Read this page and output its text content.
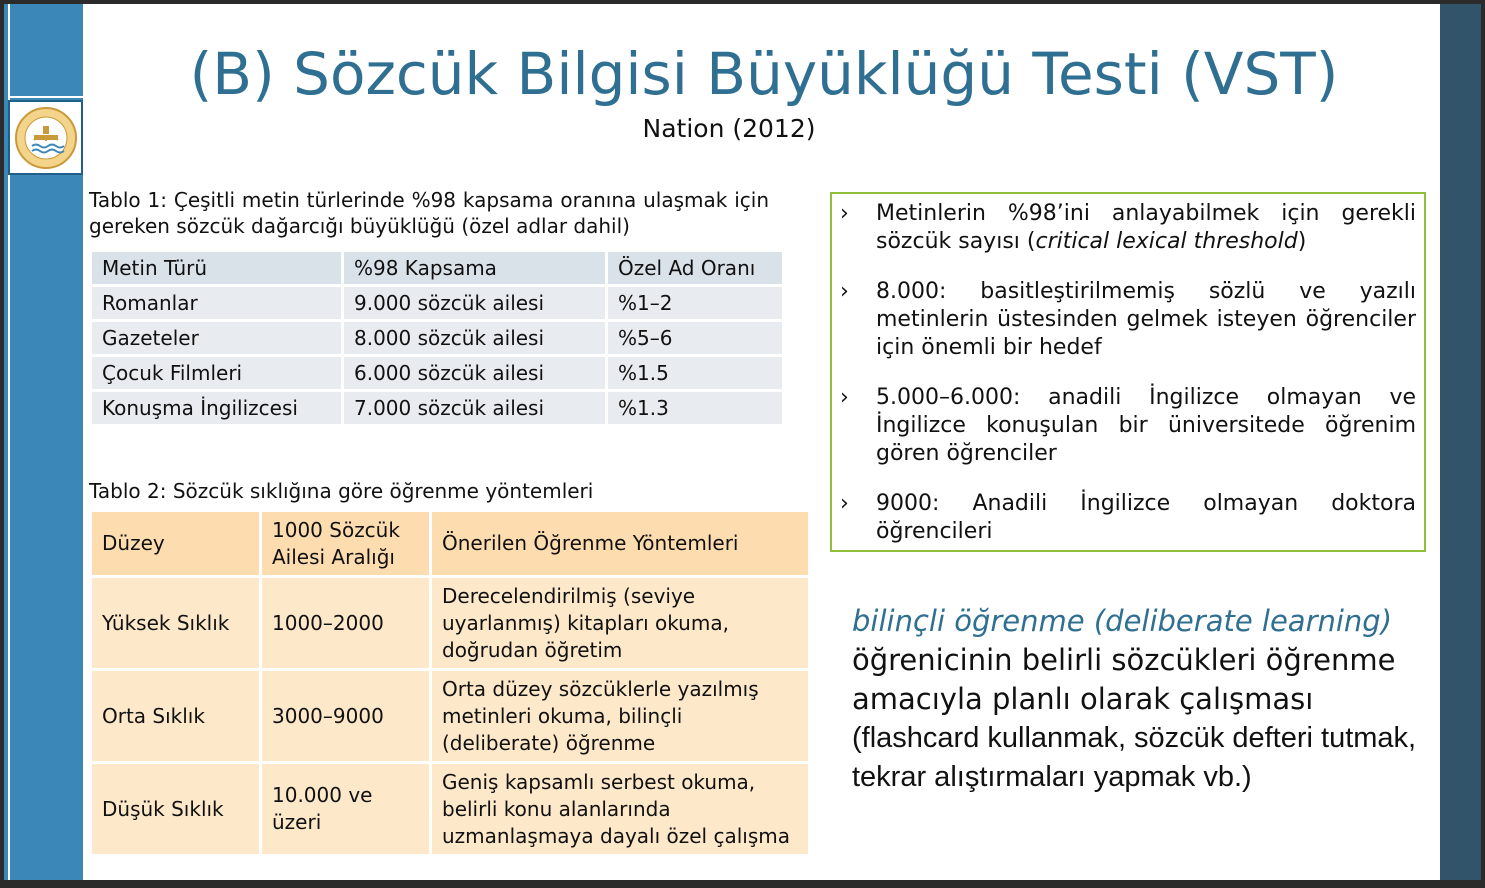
(B) Sözcük Bilgisi Büyüklüğü Testi (VST)
Nation (2012)
Tablo 1: Çeşitli metin türlerinde %98 kapsama oranına ulaşmak için gereken sözcük dağarcığı büyüklüğü (özel adlar dahil)
Metin Türü	%98 Kapsama	Özel Ad Oranı
Romanlar	9.000 sözcük ailesi	%1–2
Gazeteler	8.000 sözcük ailesi	%5–6
Çocuk Filmleri	6.000 sözcük ailesi	%1.5
Konuşma İngilizcesi	7.000 sözcük ailesi	%1.3
Tablo 2: Sözcük sıklığına göre öğrenme yöntemleri
Düzey	1000 Sözcük Ailesi Aralığı	Önerilen Öğrenme Yöntemleri
Yüksek Sıklık	1000–2000	Derecelendirilmiş (seviye uyarlanmış) kitapları okuma, doğrudan öğretim
Orta Sıklık	3000–9000	Orta düzey sözcüklerle yazılmış metinleri okuma, bilinçli (deliberate) öğrenme
Düşük Sıklık	10.000 ve üzeri	Geniş kapsamlı serbest okuma, belirli konu alanlarında uzmanlaşmaya dayalı özel çalışma
›	Metinlerin %98’ini anlayabilmek için gerekli sözcük sayısı (critical lexical threshold)
›	8.000: basitleştirilmemiş sözlü ve yazılı metinlerin üstesinden gelmek isteyen öğrenciler için önemli bir hedef
›	5.000–6.000: anadili İngilizce olmayan ve İngilizce konuşulan bir üniversitede öğrenim gören öğrenciler
›	9000: Anadili İngilizce olmayan doktora öğrencileri
bilinçli öğrenme (deliberate learning)
öğrenicinin belirli sözcükleri öğrenme amacıyla planlı olarak çalışması
(flashcard kullanmak, sözcük defteri tutmak, tekrar alıştırmaları yapmak vb.)
